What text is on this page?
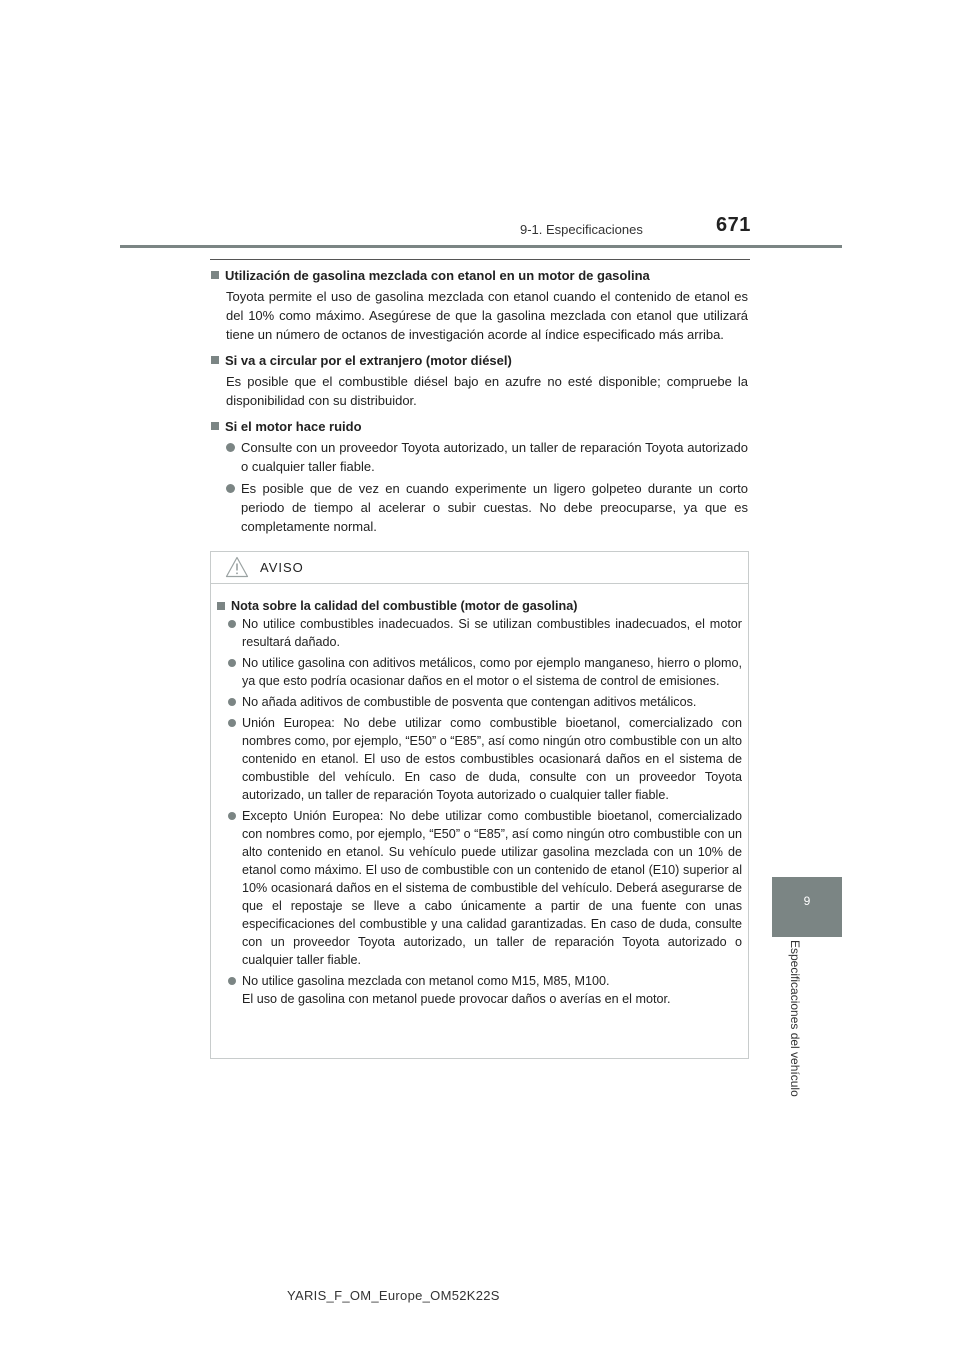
9-1. Especificaciones	671
9
Especificaciones del vehículo
Utilización de gasolina mezclada con etanol en un motor de gasolina
Toyota permite el uso de gasolina mezclada con etanol cuando el contenido de etanol es del 10% como máximo. Asegúrese de que la gasolina mezclada con etanol que utilizará tiene un número de octanos de investigación acorde al índice especificado más arriba.
Si va a circular por el extranjero (motor diésel)
Es posible que el combustible diésel bajo en azufre no esté disponible; compruebe la disponibilidad con su distribuidor.
Si el motor hace ruido
Consulte con un proveedor Toyota autorizado, un taller de reparación Toyota autorizado o cualquier taller fiable.
Es posible que de vez en cuando experimente un ligero golpeteo durante un corto periodo de tiempo al acelerar o subir cuestas. No debe preocuparse, ya que es completamente normal.
AVISO
Nota sobre la calidad del combustible (motor de gasolina)
No utilice combustibles inadecuados. Si se utilizan combustibles inadecuados, el motor resultará dañado.
No utilice gasolina con aditivos metálicos, como por ejemplo manganeso, hierro o plomo, ya que esto podría ocasionar daños en el motor o el sistema de control de emisiones.
No añada aditivos de combustible de posventa que contengan aditivos metálicos.
Unión Europea: No debe utilizar como combustible bioetanol, comercializado con nombres como, por ejemplo, “E50” o “E85”, así como ningún otro combustible con un alto contenido en etanol. El uso de estos combustibles ocasionará daños en el sistema de combustible del vehículo. En caso de duda, consulte con un proveedor Toyota autorizado, un taller de reparación Toyota autorizado o cualquier taller fiable.
Excepto Unión Europea: No debe utilizar como combustible bioetanol, comercializado con nombres como, por ejemplo, “E50” o “E85”, así como ningún otro combustible con un alto contenido en etanol. Su vehículo puede utilizar gasolina mezclada con un 10% de etanol como máximo. El uso de combustible con un contenido de etanol (E10) superior al 10% ocasionará daños en el sistema de combustible del vehículo. Deberá asegurarse de que el repostaje se lleve a cabo únicamente a partir de una fuente con unas especificaciones del combustible y una calidad garantizadas. En caso de duda, consulte con un proveedor Toyota autorizado, un taller de reparación Toyota autorizado o cualquier taller fiable.
No utilice gasolina mezclada con metanol como M15, M85, M100.
El uso de gasolina con metanol puede provocar daños o averías en el motor.
YARIS_F_OM_Europe_OM52K22S
